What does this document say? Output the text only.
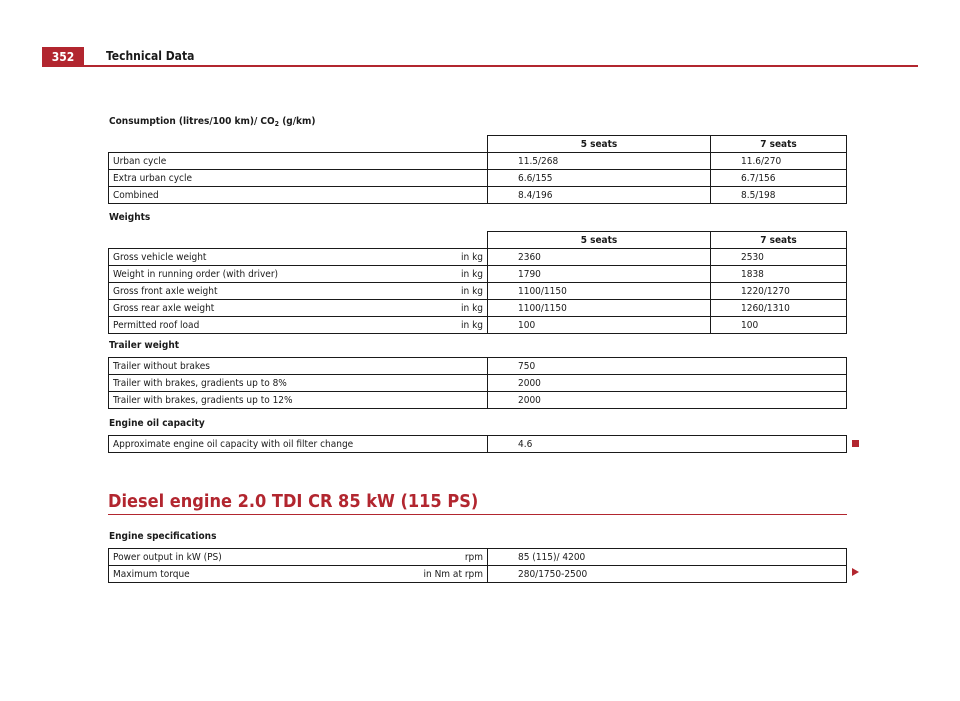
352	Technical Data
Consumption (litres/100 km)/ $CO_2$ (g/km)
	5 seats	7 seats
Urban cycle	11.5/268	11.6/270
Extra urban cycle	6.6/155	6.7/156
Combined	8.4/196	8.5/198
Weights
	5 seats	7 seats

Gross vehicle weight in kg	2360	2530

Weight in running order (with driver) in kg	1790	1838

Gross front axle weight in kg	1100/1150	1220/1270

Gross rear axle weight in kg	1100/1150	1260/1310

Permitted roof load in kg	100	100
Trailer weight
Trailer without brakes	750	
Trailer with brakes, gradients up to 8%	2000	
Trailer with brakes, gradients up to 12%	2000	
Engine oil capacity
Approximate engine oil capacity with oil filter change	4.6	
Diesel engine 2.0 TDI CR 85 kW (115 PS)
Engine specifications
Power output in kW (PS) rpm	85 (115)/ 4200	

Maximum torque in Nm at rpm	280/1750-2500	
